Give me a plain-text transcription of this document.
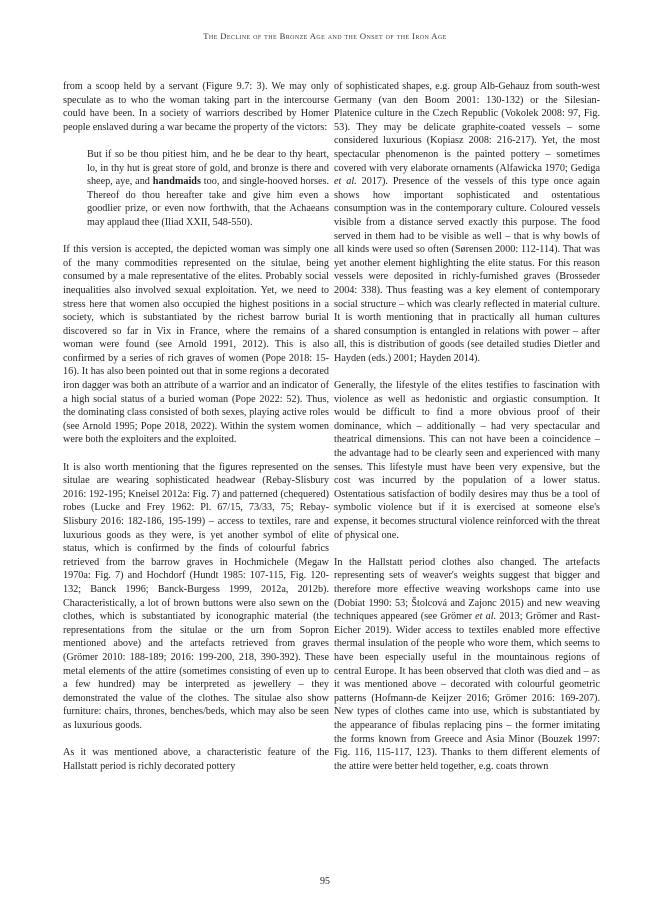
The Decline of the Bronze Age and the Onset of the Iron Age

from a scoop held by a servant (Figure 9.7: 3). We may only speculate as to who the woman taking part in the intercourse could have been. In a society of warriors described by Homer people enslaved during a war became the property of the victors:

But if so be thou pitiest him, and he be dear to thy heart, lo, in thy hut is great store of gold, and bronze is there and sheep, aye, and handmaids too, and single-hooved horses. Thereof do thou hereafter take and give him even a goodlier prize, or even now forthwith, that the Achaeans may applaud thee (Iliad XXII, 548-550).

If this version is accepted, the depicted woman was simply one of the many commodities represented on the situlae, being consumed by a male representative of the elites. Probably social inequalities also involved sexual exploitation. Yet, we need to stress here that women also occupied the highest positions in a society, which is substantiated by the richest barrow burial discovered so far in Vix in France, where the remains of a woman were found (see Arnold 1991, 2012). This is also confirmed by a series of rich graves of women (Pope 2018: 15-16). It has also been pointed out that in some regions a decorated iron dagger was both an attribute of a warrior and an indicator of a high social status of a buried woman (Pope 2022: 52). Thus, the dominating class consisted of both sexes, playing active roles (see Arnold 1995; Pope 2018, 2022). Within the system women were both the exploiters and the exploited.

It is also worth mentioning that the figures represented on the situlae are wearing sophisticated headwear (Rebay-Slisbury 2016: 192-195; Kneisel 2012a: Fig. 7) and patterned (chequered) robes (Lucke and Frey 1962: Pl. 67/15, 73/33, 75; Rebay-Slisbury 2016: 182-186, 195-199) – access to textiles, rare and luxurious goods as they were, is yet another symbol of elite status, which is confirmed by the finds of colourful fabrics retrieved from the barrow graves in Hochmichele (Megaw 1970a: Fig. 7) and Hochdorf (Hundt 1985: 107-115, Fig. 120-132; Banck 1996; Banck-Burgess 1999, 2012a, 2012b). Characteristically, a lot of brown buttons were also sewn on the clothes, which is substantiated by iconographic material (the representations from the situlae or the urn from Sopron mentioned above) and the artefacts retrieved from graves (Grömer 2010: 188-189; 2016: 199-200, 218, 390-392). These metal elements of the attire (sometimes consisting of even up to a few hundred) may be interpreted as jewellery – they demonstrated the value of the clothes. The situlae also show furniture: chairs, thrones, benches/beds, which may also be seen as luxurious goods.

As it was mentioned above, a characteristic feature of the Hallstatt period is richly decorated pottery

of sophisticated shapes, e.g. group Alb-Gehauz from south-west Germany (van den Boom 2001: 130-132) or the Silesian-Platenice culture in the Czech Republic (Vokolek 2008: 97, Fig. 53). They may be delicate graphite-coated vessels – some considered luxurious (Kopiasz 2008: 216-217). Yet, the most spectacular phenomenon is the painted pottery – sometimes covered with very elaborate ornaments (Alfawicka 1970; Gediga et al. 2017). Presence of the vessels of this type once again shows how important sophisticated and ostentatious consumption was in the contemporary culture. Coloured vessels visible from a distance served exactly this purpose. The food served in them had to be visible as well – that is why bowls of all kinds were used so often (Sørensen 2000: 112-114). That was yet another element highlighting the elite status. For this reason vessels were deposited in richly-furnished graves (Brosseder 2004: 338). Thus feasting was a key element of contemporary social structure – which was clearly reflected in material culture. It is worth mentioning that in practically all human cultures shared consumption is entangled in relations with power – after all, this is distribution of goods (see detailed studies Dietler and Hayden (eds.) 2001; Hayden 2014).

Generally, the lifestyle of the elites testifies to fascination with violence as well as hedonistic and orgiastic consumption. It would be difficult to find a more obvious proof of their dominance, which – additionally – had very spectacular and theatrical dimensions. This can not have been a coincidence – the advantage had to be clearly seen and experienced with many senses. This lifestyle must have been very expensive, but the cost was incurred by the population of a lower status. Ostentatious satisfaction of bodily desires may thus be a tool of symbolic violence but if it is exercised at someone else's expense, it becomes structural violence reinforced with the threat of physical one.

In the Hallstatt period clothes also changed. The artefacts representing sets of weaver's weights suggest that bigger and therefore more effective weaving workshops came into use (Dobiat 1990: 53; Štolcová and Zajonc 2015) and new weaving techniques appeared (see Grömer et al. 2013; Grömer and Rast-Eicher 2019). Wider access to textiles enabled more effective thermal insulation of the people who wore them, which seems to have been especially useful in the mountainous regions of central Europe. It has been observed that cloth was died and – as it was mentioned above – decorated with colourful geometric patterns (Hofmann-de Keijzer 2016; Grömer 2016: 169-207). New types of clothes came into use, which is substantiated by the appearance of fibulas replacing pins – the former imitating the forms known from Greece and Asia Minor (Bouzek 1997: Fig. 116, 115-117, 123). Thanks to them different elements of the attire were better held together, e.g. coats thrown

95
